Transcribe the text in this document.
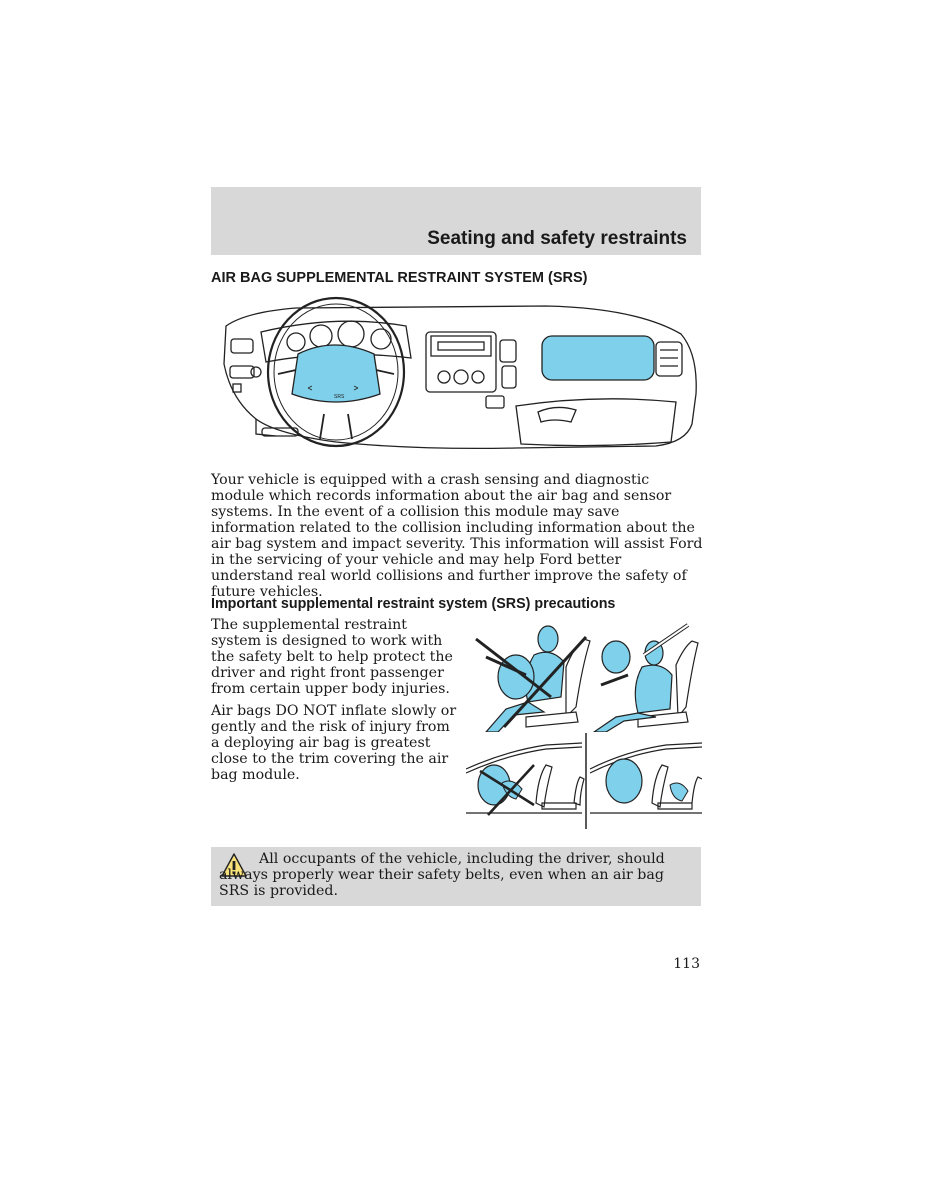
Seating and safety restraints
AIR BAG SUPPLEMENTAL RESTRAINT SYSTEM (SRS)
SRS

Your vehicle is equipped with a crash sensing and diagnostic module which records information about the air bag and sensor systems. In the event of a collision this module may save information related to the collision including information about the air bag system and impact severity. This information will assist Ford in the servicing of your vehicle and may help Ford better understand real world collisions and further improve the safety of future vehicles.

Important supplemental restraint system (SRS) precautions

The supplemental restraint system is designed to work with the safety belt to help protect the driver and right front passenger from certain upper body injuries.

Air bags DO NOT inflate slowly or gently and the risk of injury from a deploying air bag is greatest close to the trim covering the air bag module.

All occupants of the vehicle, including the driver, should always properly wear their safety belts, even when an air bag SRS is provided.

113
